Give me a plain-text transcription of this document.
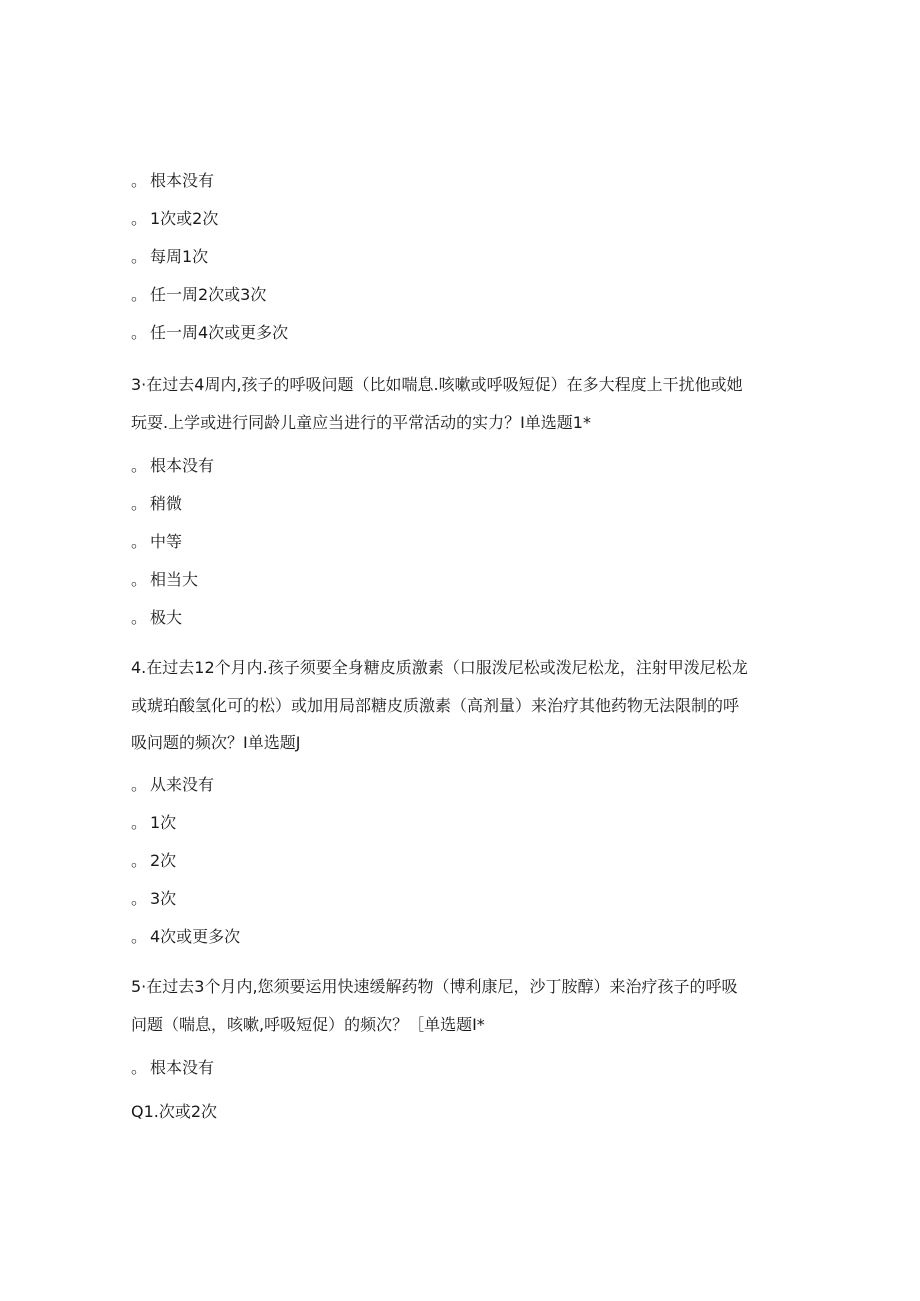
。 根本没有
。 1次或2次
。 每周1次
。 任一周2次或3次
。 任一周4次或更多次
3·在过去4周内,孩子的呼吸问题（比如喘息.咳嗽或呼吸短促）在多大程度上干扰他或她
玩耍.上学或进行同龄儿童应当进行的平常活动的实力？I单选题1*
。 根本没有
。 稍微
。 中等
。 相当大
。 极大
4.在过去12个月内.孩子须要全身糖皮质激素（口服泼尼松或泼尼松龙，注射甲泼尼松龙
或琥珀酸氢化可的松）或加用局部糖皮质激素（高剂量）来治疗其他药物无法限制的呼
吸问题的频次？I单选题J
。 从来没有
。 1次
。 2次
。 3次
。 4次或更多次
5·在过去3个月内,您须要运用快速缓解药物（博利康尼，沙丁胺醇）来治疗孩子的呼吸
问题（喘息，咳嗽,呼吸短促）的频次？［单选题I*
。 根本没有
Q1.次或2次
